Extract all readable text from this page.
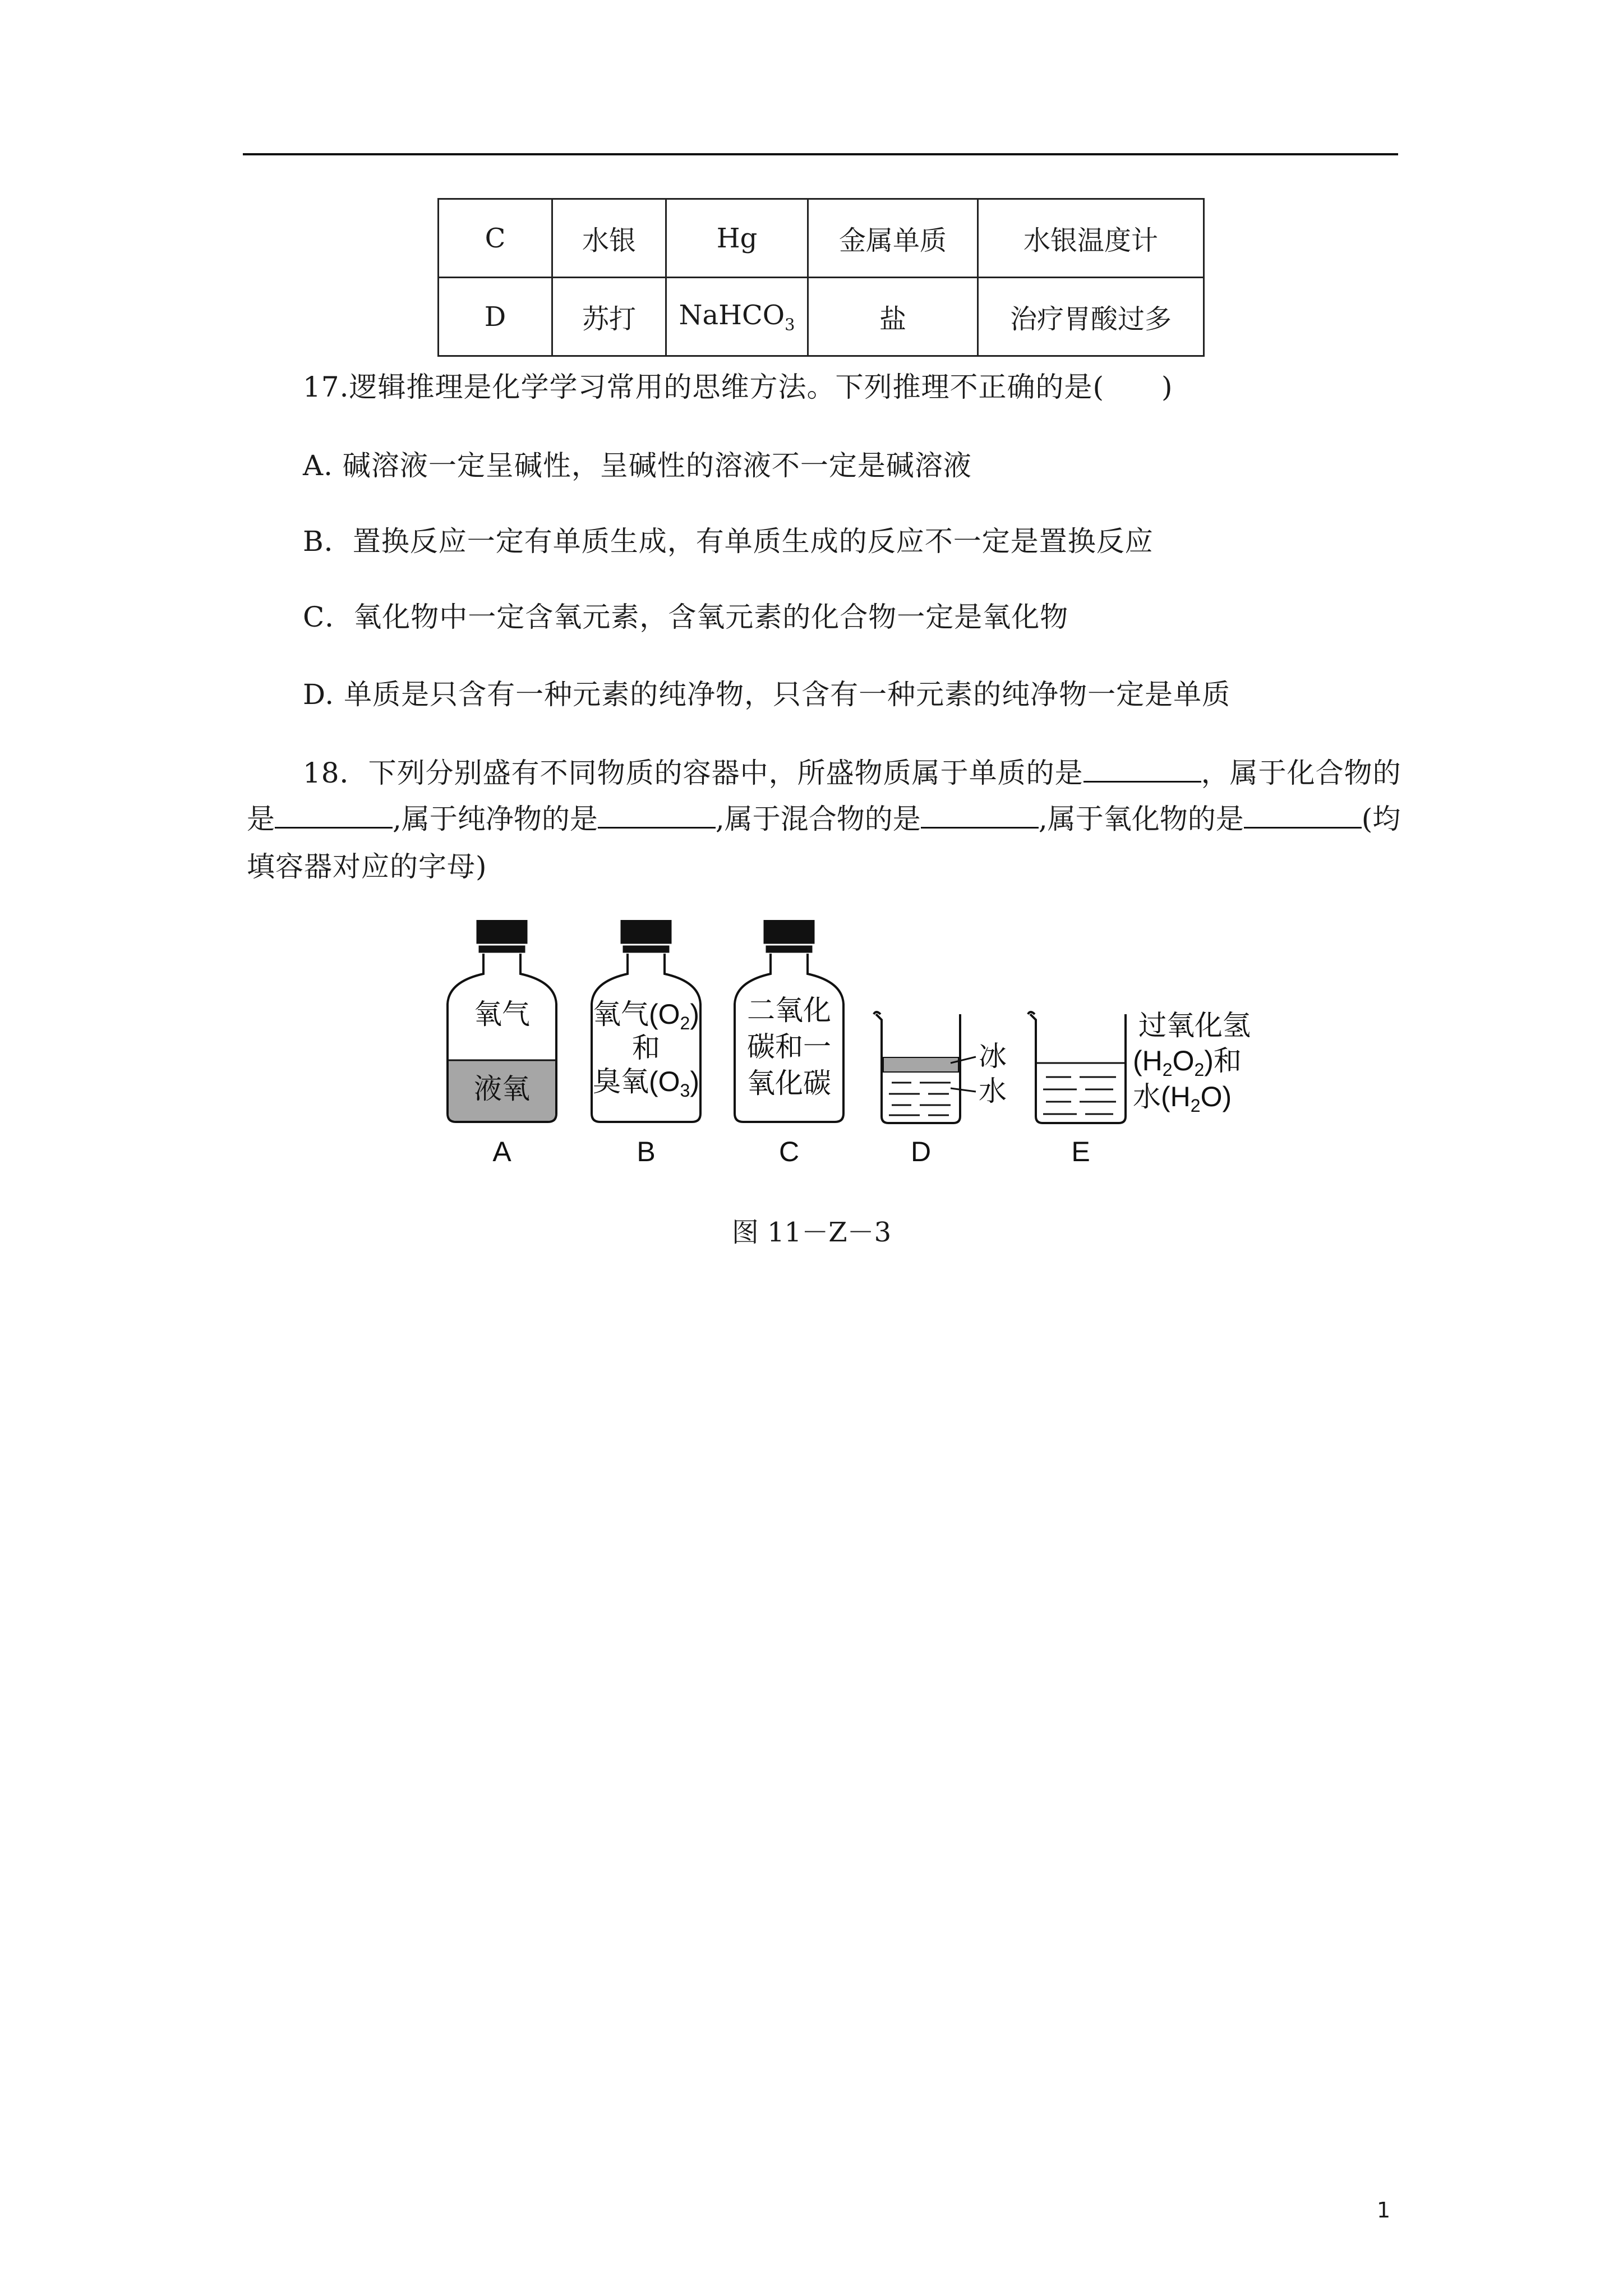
C	水银	Hg	金属单质	水银温度计
D	苏打	NaHCO$_3$	盐	治疗胃酸过多
17.逻辑推理是化学学习常用的思维方法。下列推理不正确的是(　　)
A. 碱溶液一定呈碱性，呈碱性的溶液不一定是碱溶液
B．置换反应一定有单质生成，有单质生成的反应不一定是置换反应
C．氧化物中一定含氧元素，含氧元素的化合物一定是氧化物
D. 单质是只含有一种元素的纯净物，只含有一种元素的纯净物一定是单质
18．下列分别盛有不同物质的容器中，所盛物质属于单质的是	，属于化合物的
是	,属于纯净物的是	,属于混合物的是	,属于氧化物的是	(均
填容器对应的字母)
氧气
液氧
A
氧气$(O_2)$
和
臭氧$(O_3)$
B
二氧化
碳和一
氧化碳
C
冰
水
D
过氧化氢
$(H_2O_2)$和
水$(H_2O)$
E
图 11－Z－3
1
